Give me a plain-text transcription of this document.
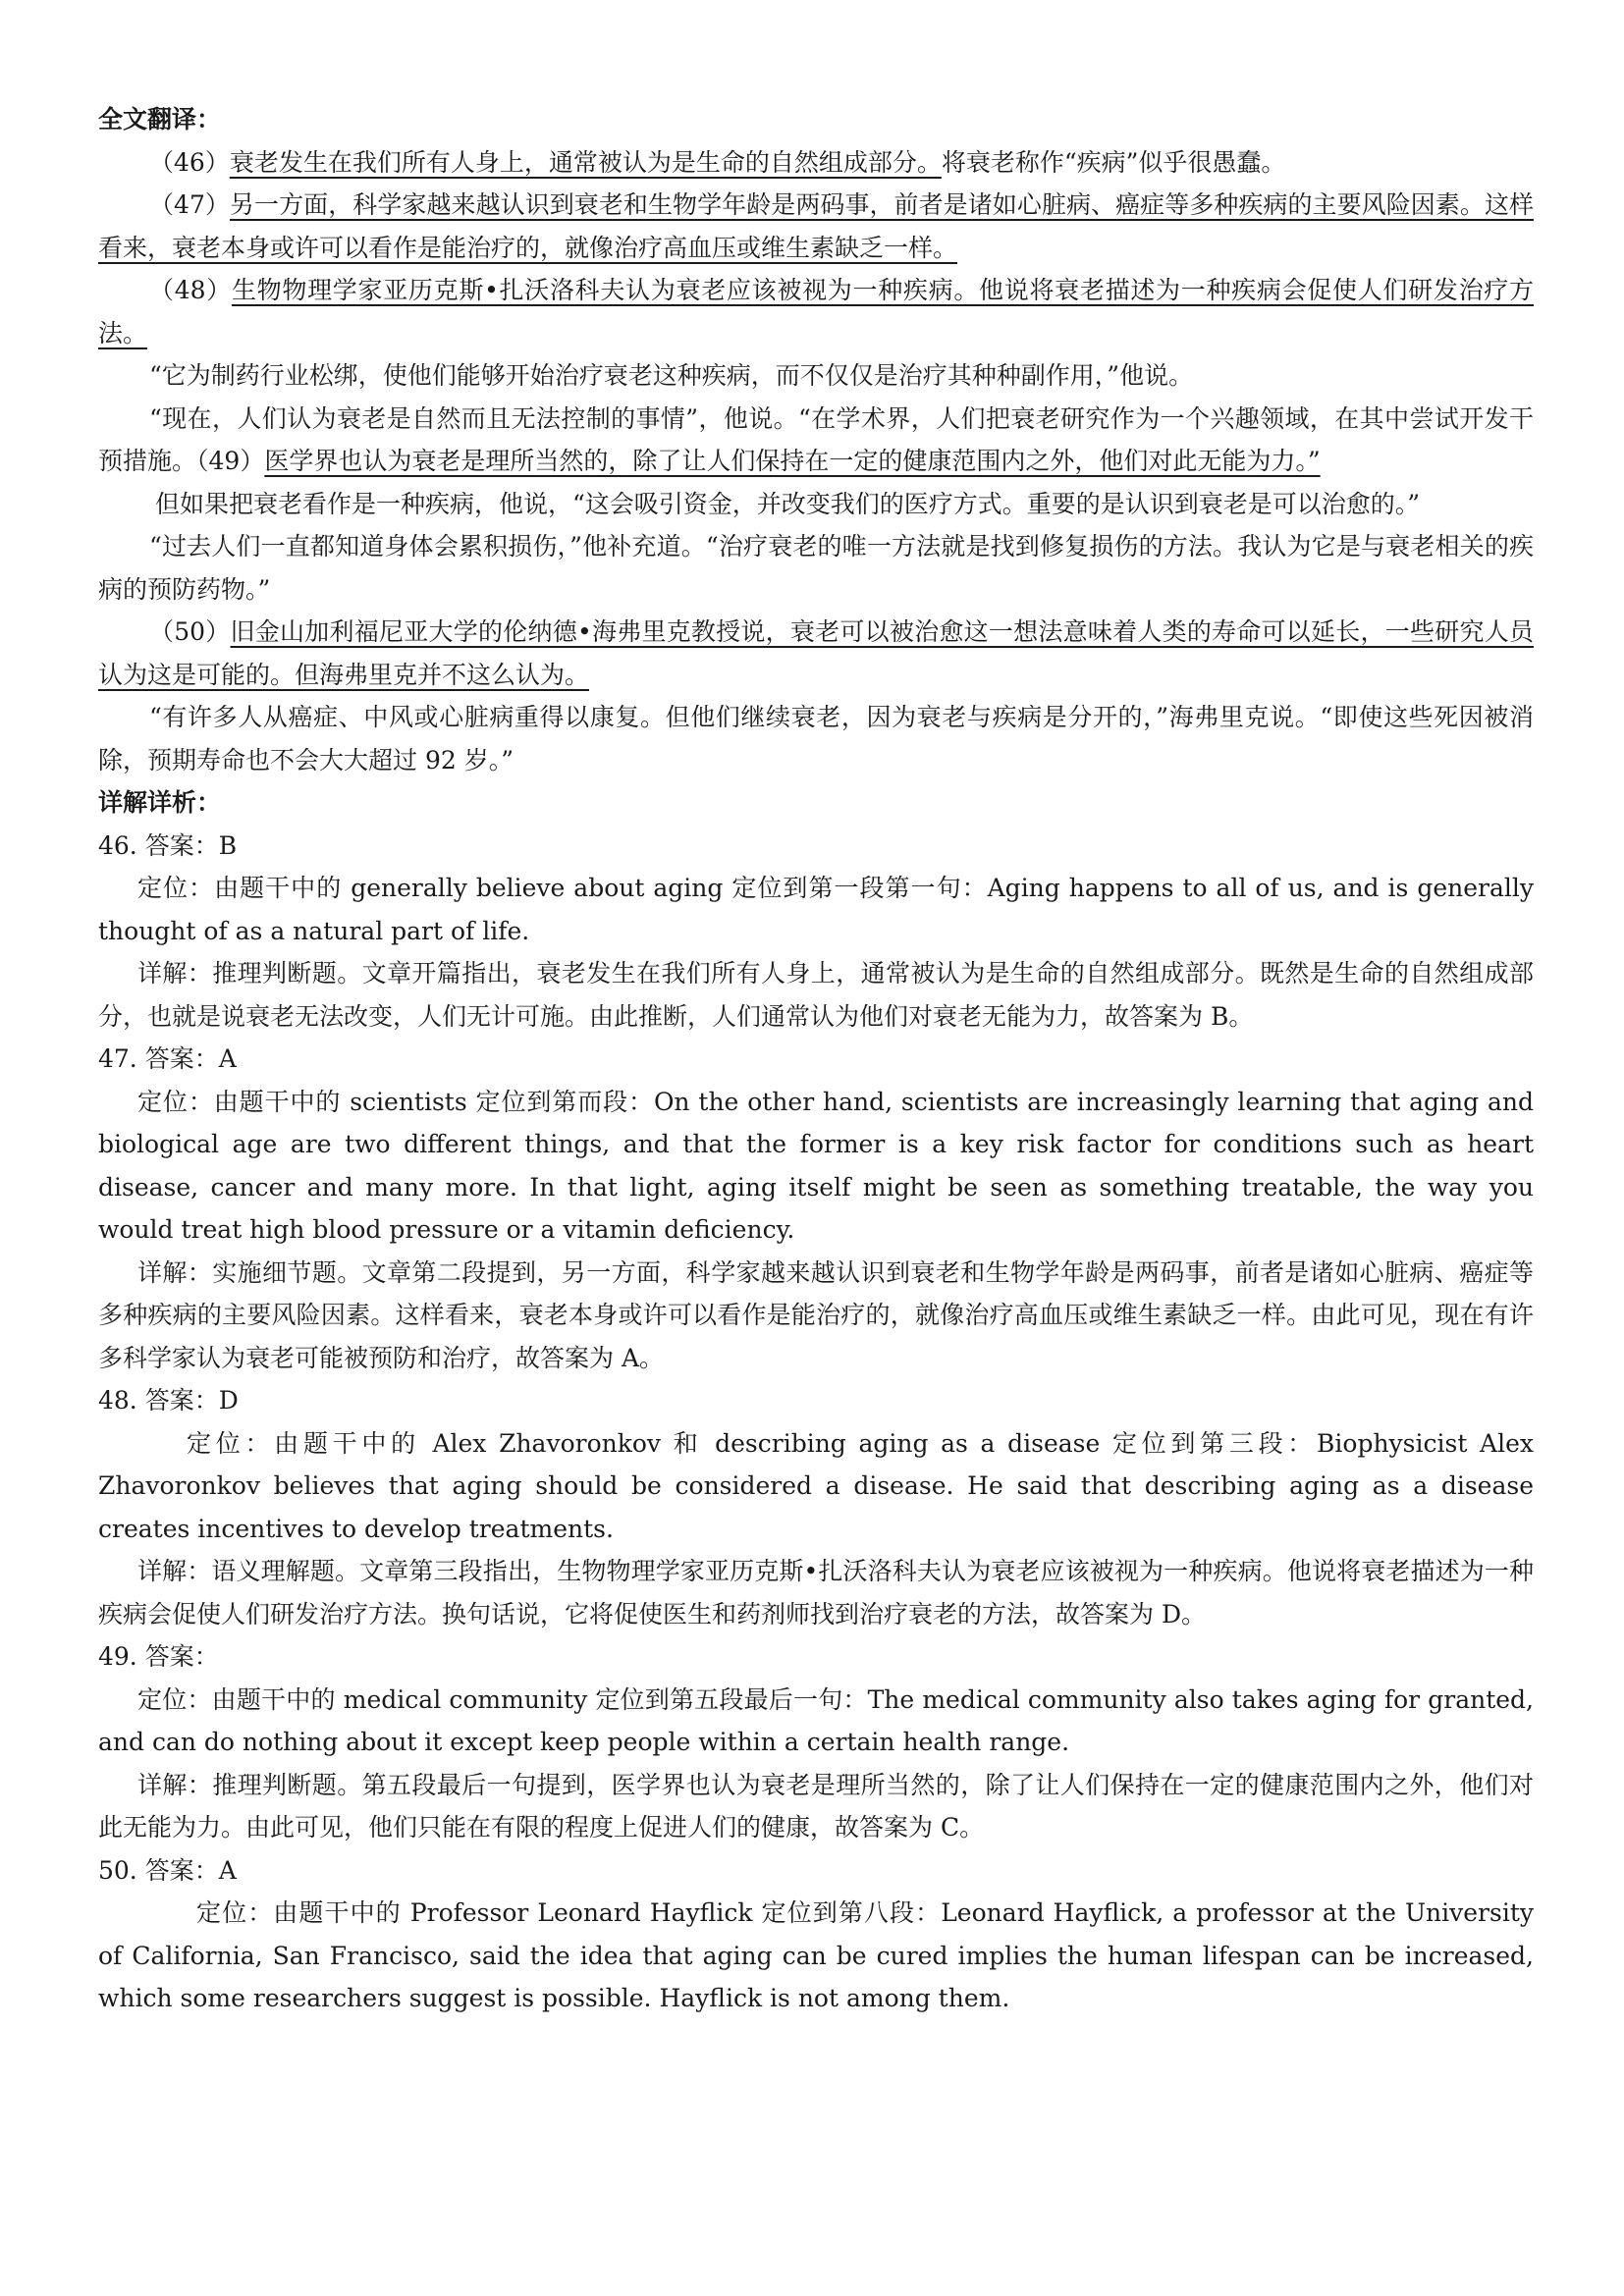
全文翻译：

（46）衰老发生在我们所有人身上，通常被认为是生命的自然组成部分。将衰老称作“疾病”似乎很愚蠢。

（47）另一方面，科学家越来越认识到衰老和生物学年龄是两码事，前者是诸如心脏病、癌症等多种疾病的主要风险因素。这样看来，衰老本身或许可以看作是能治疗的，就像治疗高血压或维生素缺乏一样。

（48）生物物理学家亚历克斯•扎沃洛科夫认为衰老应该被视为一种疾病。他说将衰老描述为一种疾病会促使人们研发治疗方法。

“它为制药行业松绑，使他们能够开始治疗衰老这种疾病，而不仅仅是治疗其种种副作用，”他说。

“现在，人们认为衰老是自然而且无法控制的事情”，他说。“在学术界，人们把衰老研究作为一个兴趣领域，在其中尝试开发干预措施。（49）医学界也认为衰老是理所当然的，除了让人们保持在一定的健康范围内之外，他们对此无能为力。”

但如果把衰老看作是一种疾病，他说，“这会吸引资金，并改变我们的医疗方式。重要的是认识到衰老是可以治愈的。”

“过去人们一直都知道身体会累积损伤，”他补充道。“治疗衰老的唯一方法就是找到修复损伤的方法。我认为它是与衰老相关的疾病的预防药物。”

（50）旧金山加利福尼亚大学的伦纳德•海弗里克教授说，衰老可以被治愈这一想法意味着人类的寿命可以延长，一些研究人员认为这是可能的。但海弗里克并不这么认为。

“有许多人从癌症、中风或心脏病重得以康复。但他们继续衰老，因为衰老与疾病是分开的，”海弗里克说。“即使这些死因被消除，预期寿命也不会大大超过 92 岁。”

详解详析：

46. 答案：B

定位：由题干中的 generally believe about aging 定位到第一段第一句：Aging happens to all of us, and is generally thought of as a natural part of life.

详解：推理判断题。文章开篇指出，衰老发生在我们所有人身上，通常被认为是生命的自然组成部分。既然是生命的自然组成部分，也就是说衰老无法改变，人们无计可施。由此推断，人们通常认为他们对衰老无能为力，故答案为 B。

47. 答案：A

定位：由题干中的 scientists 定位到第而段：On the other hand, scientists are increasingly learning that aging and biological age are two different things, and that the former is a key risk factor for conditions such as heart disease, cancer and many more. In that light, aging itself might be seen as something treatable, the way you would treat high blood pressure or a vitamin deficiency.

详解：实施细节题。文章第二段提到，另一方面，科学家越来越认识到衰老和生物学年龄是两码事，前者是诸如心脏病、癌症等多种疾病的主要风险因素。这样看来，衰老本身或许可以看作是能治疗的，就像治疗高血压或维生素缺乏一样。由此可见，现在有许多科学家认为衰老可能被预防和治疗，故答案为 A。

48. 答案：D

定位：由题干中的 Alex Zhavoronkov 和 describing aging as a disease 定位到第三段：Biophysicist Alex Zhavoronkov believes that aging should be considered a disease. He said that describing aging as a disease creates incentives to develop treatments.

详解：语义理解题。文章第三段指出，生物物理学家亚历克斯•扎沃洛科夫认为衰老应该被视为一种疾病。他说将衰老描述为一种疾病会促使人们研发治疗方法。换句话说，它将促使医生和药剂师找到治疗衰老的方法，故答案为 D。

49. 答案：

定位：由题干中的 medical community 定位到第五段最后一句：The medical community also takes aging for granted, and can do nothing about it except keep people within a certain health range.

详解：推理判断题。第五段最后一句提到，医学界也认为衰老是理所当然的，除了让人们保持在一定的健康范围内之外，他们对此无能为力。由此可见，他们只能在有限的程度上促进人们的健康，故答案为 C。

50. 答案：A

定位：由题干中的 Professor Leonard Hayflick 定位到第八段：Leonard Hayflick, a professor at the University of California, San Francisco, said the idea that aging can be cured implies the human lifespan can be increased, which some researchers suggest is possible. Hayflick is not among them.
